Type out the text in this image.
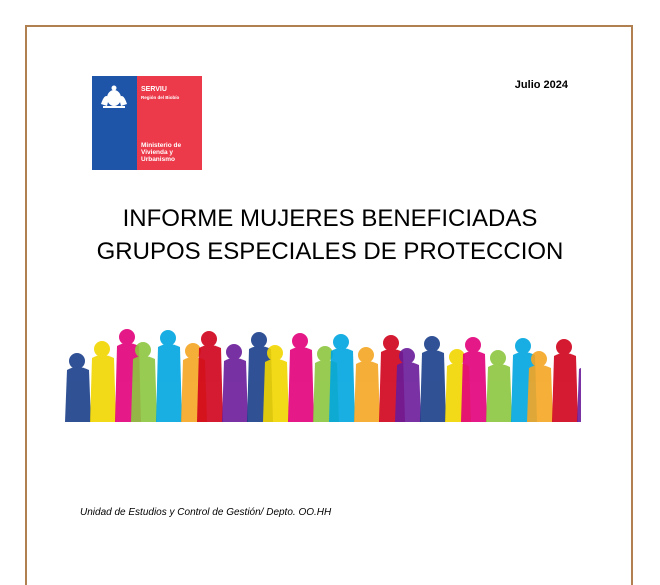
SERVIU
Región del Biobío
Ministerio de Vivienda y Urbanismo
Julio 2024
INFORME MUJERES BENEFICIADAS
GRUPOS ESPECIALES DE PROTECCION
Unidad de Estudios y Control de Gestión/ Depto. OO.HH
